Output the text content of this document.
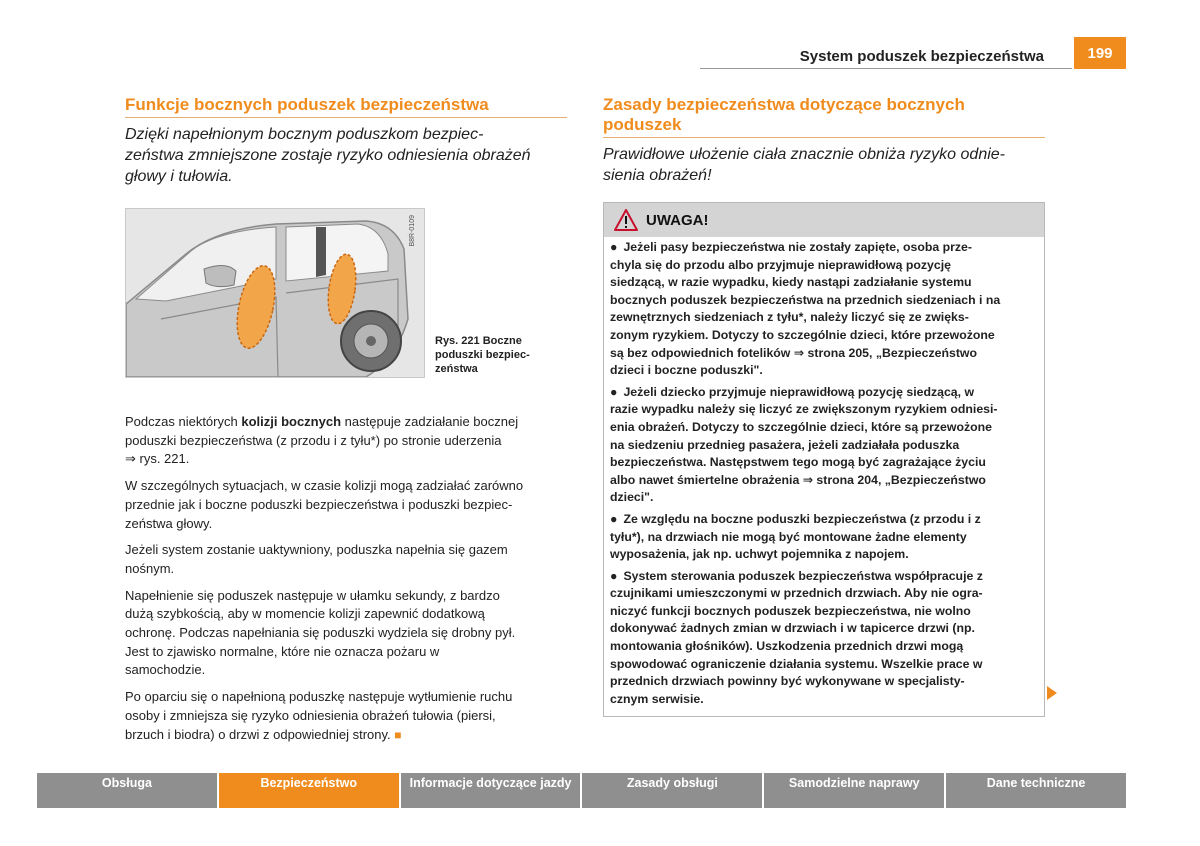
System poduszek bezpieczeństwa	199
Funkcje bocznych poduszek bezpieczeństwa

Dzięki napełnionym bocznym poduszkom bezpiec-
zeństwa zmniejszone zostaje ryzyko odniesienia obrażeń
głowy i tułowia.

B8R-0109
Rys. 221 Boczne
poduszki bezpiec-
zeństwa

Podczas niektórych kolizji bocznych następuje zadziałanie bocznej
poduszki bezpieczeństwa (z przodu i z tyłu*) po stronie uderzenia
⇒ rys. 221.

W szczególnych sytuacjach, w czasie kolizji mogą zadziałać zarówno
przednie jak i boczne poduszki bezpieczeństwa i poduszki bezpiec-
zeństwa głowy.

Jeżeli system zostanie uaktywniony, poduszka napełnia się gazem
nośnym.

Napełnienie się poduszek następuje w ułamku sekundy, z bardzo
dużą szybkością, aby w momencie kolizji zapewnić dodatkową
ochronę. Podczas napełniania się poduszki wydziela się drobny pył.
Jest to zjawisko normalne, które nie oznacza pożaru w
samochodzie.

Po oparciu się o napełnioną poduszkę następuje wytłumienie ruchu
osoby i zmniejsza się ryzyko odniesienia obrażeń tułowia (piersi,
brzuch i biodra) o drzwi z odpowiedniej strony. ■

Zasady bezpieczeństwa dotyczące bocznych
poduszek

Prawidłowe ułożenie ciała znacznie obniża ryzyko odnie-
sienia obrażeń!

UWAGA!

● Jeżeli pasy bezpieczeństwa nie zostały zapięte, osoba prze-
chyla się do przodu albo przyjmuje nieprawidłową pozycję
siedzącą, w razie wypadku, kiedy nastąpi zadziałanie systemu
bocznych poduszek bezpieczeństwa na przednich siedzeniach i na
zewnętrznych siedzeniach z tyłu*, należy liczyć się ze zwięks-
zonym ryzykiem. Dotyczy to szczególnie dzieci, które przewożone
są bez odpowiednich fotelików ⇒ strona 205, „Bezpieczeństwo
dzieci i boczne poduszki".

● Jeżeli dziecko przyjmuje nieprawidłową pozycję siedzącą, w
razie wypadku należy się liczyć ze zwiększonym ryzykiem odniesi-
enia obrażeń. Dotyczy to szczególnie dzieci, które są przewożone
na siedzeniu przednieg pasażera, jeżeli zadziałała poduszka
bezpieczeństwa. Następstwem tego mogą być zagrażające życiu
albo nawet śmiertelne obrażenia ⇒ strona 204, „Bezpieczeństwo
dzieci".

● Ze względu na boczne poduszki bezpieczeństwa (z przodu i z
tyłu*), na drzwiach nie mogą być montowane żadne elementy
wyposażenia, jak np. uchwyt pojemnika z napojem.

● System sterowania poduszek bezpieczeństwa współpracuje z
czujnikami umieszczonymi w przednich drzwiach. Aby nie ogra-
niczyć funkcji bocznych poduszek bezpieczeństwa, nie wolno
dokonywać żadnych zmian w drzwiach i w tapicerce drzwi (np.
montowania głośników). Uszkodzenia przednich drzwi mogą
spowodować ograniczenie działania systemu. Wszelkie prace w
przednich drzwiach powinny być wykonywane w specjalisty-
cznym serwisie.

Obsługa	Bezpieczeństwo	Informacje dotyczące jazdy	Zasady obsługi	Samodzielne naprawy	Dane techniczne
